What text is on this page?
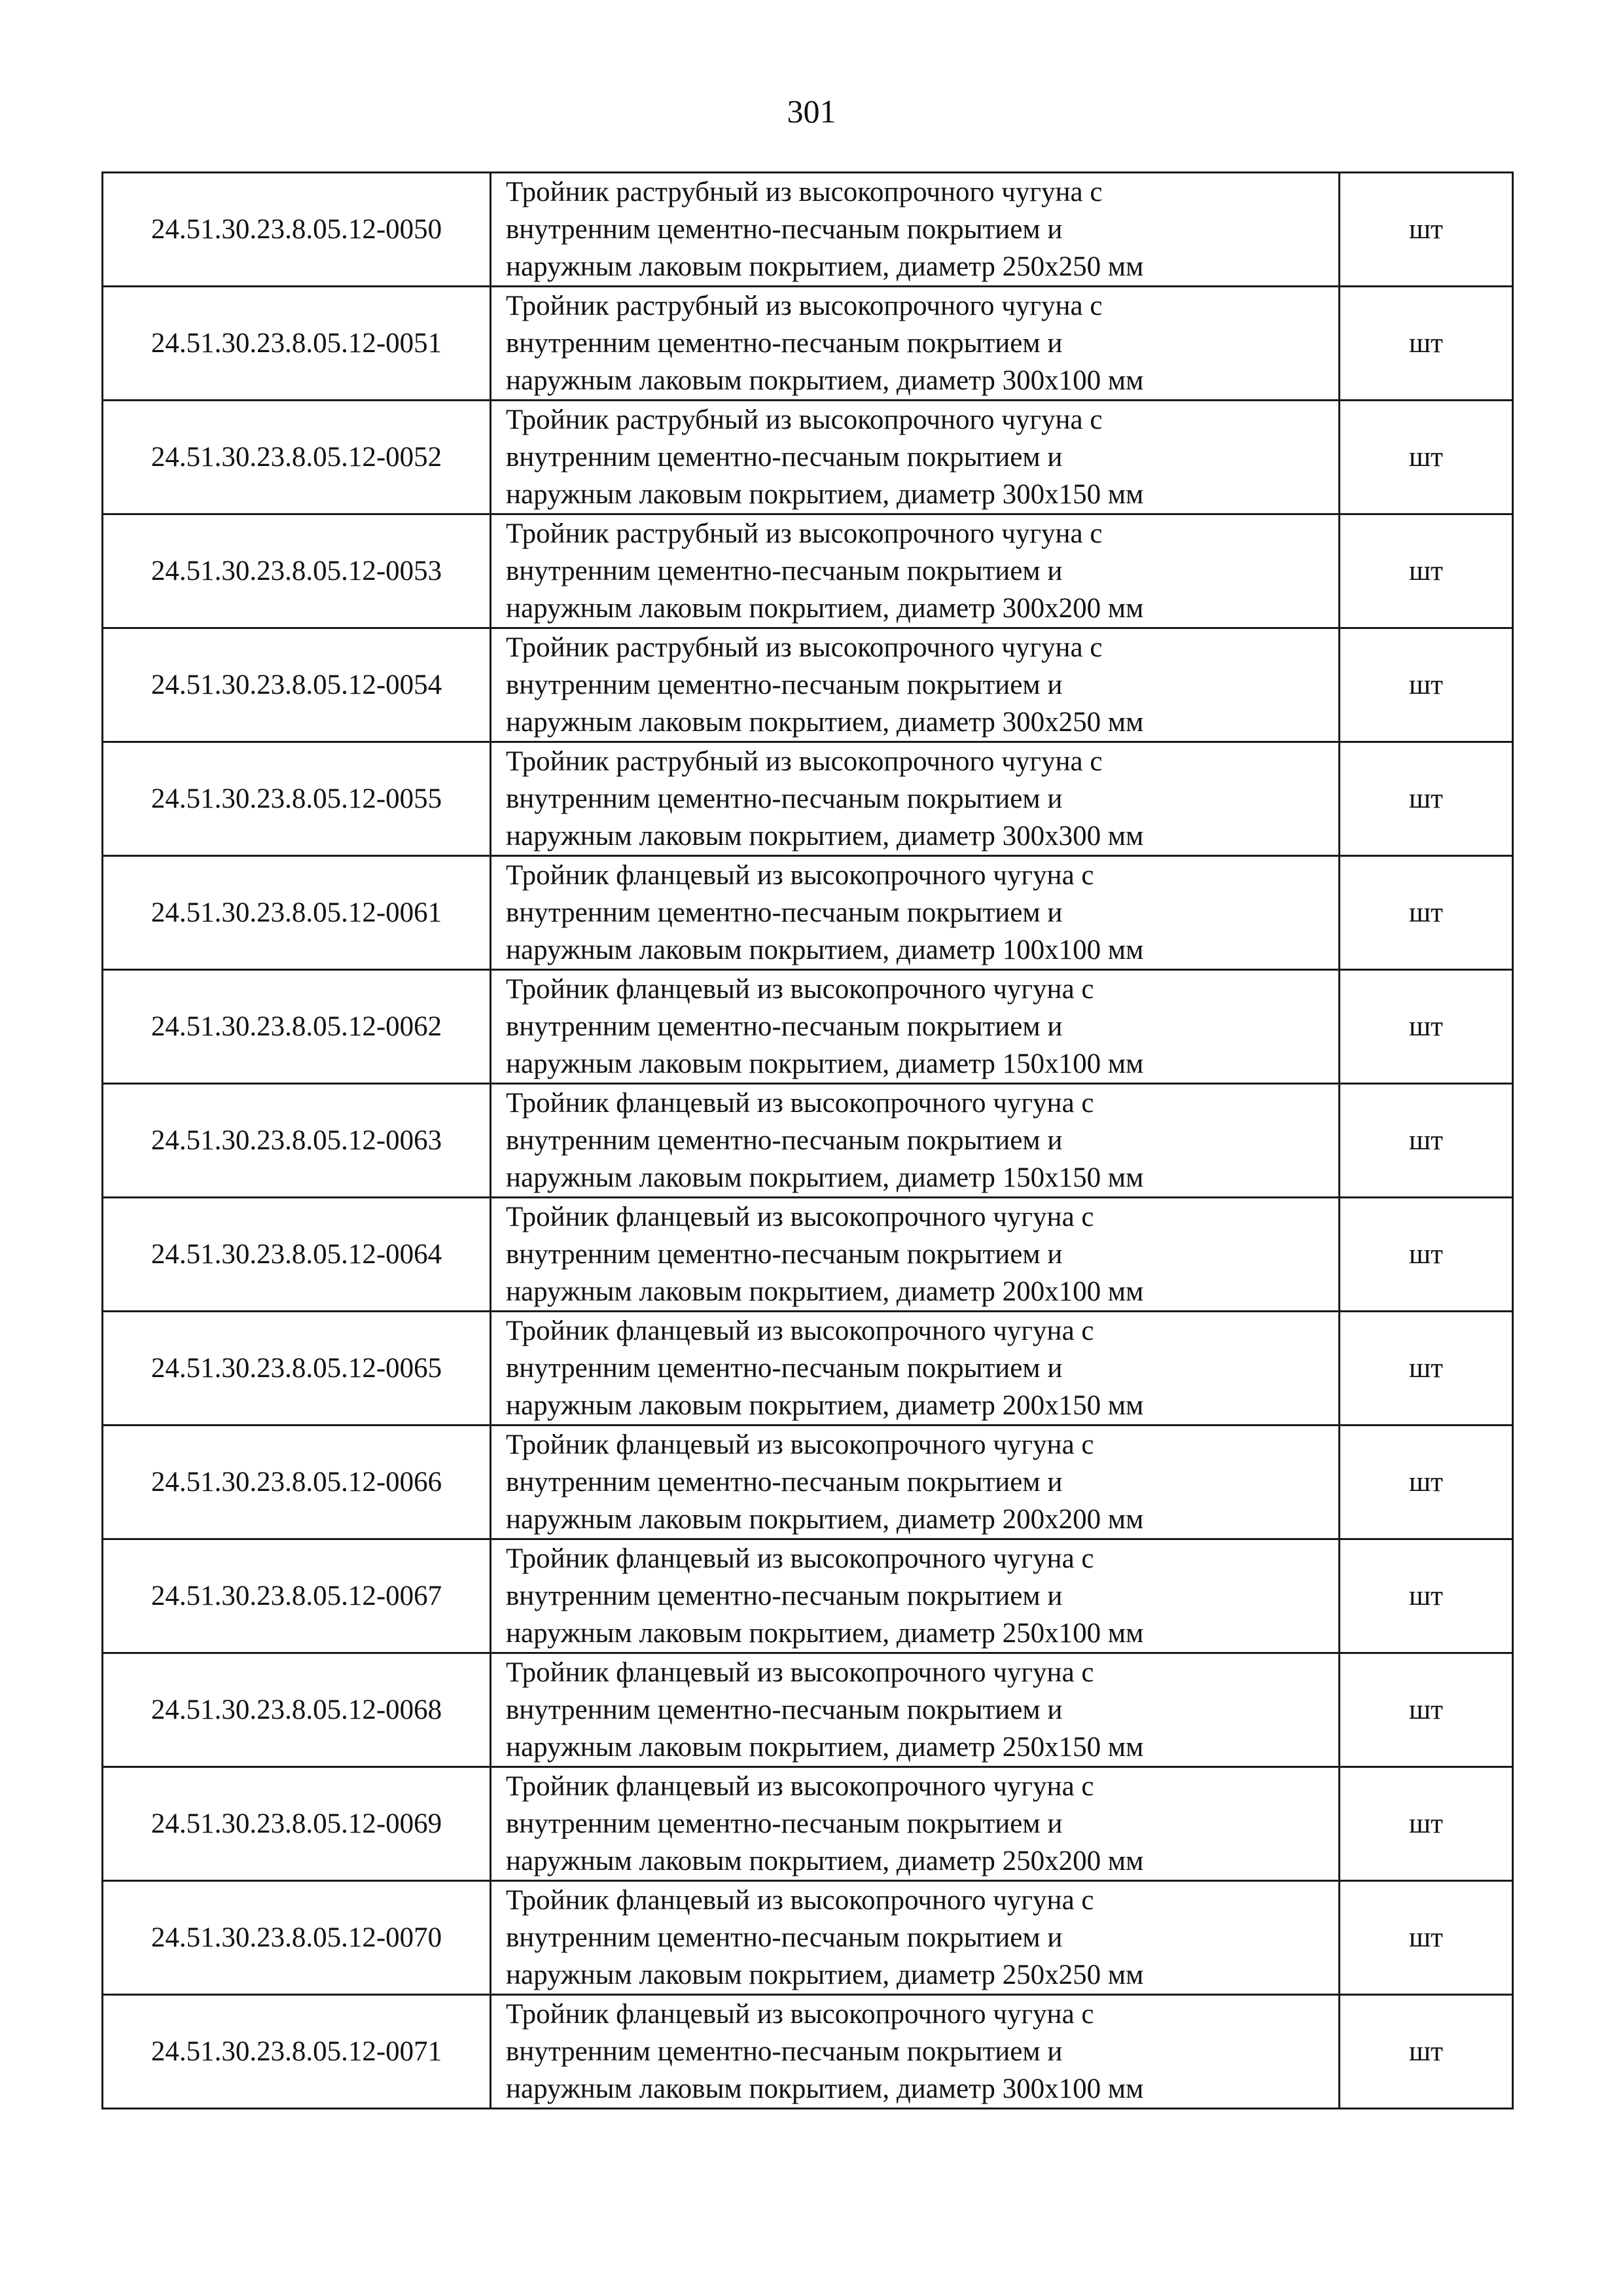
301
24.51.30.23.8.05.12-0050	Тройник раструбный из высокопрочного чугуна с
внутренним цементно-песчаным покрытием и
наружным лаковым покрытием, диаметр 250x250 мм	шт
24.51.30.23.8.05.12-0051	Тройник раструбный из высокопрочного чугуна с
внутренним цементно-песчаным покрытием и
наружным лаковым покрытием, диаметр 300x100 мм	шт
24.51.30.23.8.05.12-0052	Тройник раструбный из высокопрочного чугуна с
внутренним цементно-песчаным покрытием и
наружным лаковым покрытием, диаметр 300x150 мм	шт
24.51.30.23.8.05.12-0053	Тройник раструбный из высокопрочного чугуна с
внутренним цементно-песчаным покрытием и
наружным лаковым покрытием, диаметр 300x200 мм	шт
24.51.30.23.8.05.12-0054	Тройник раструбный из высокопрочного чугуна с
внутренним цементно-песчаным покрытием и
наружным лаковым покрытием, диаметр 300x250 мм	шт
24.51.30.23.8.05.12-0055	Тройник раструбный из высокопрочного чугуна с
внутренним цементно-песчаным покрытием и
наружным лаковым покрытием, диаметр 300x300 мм	шт
24.51.30.23.8.05.12-0061	Тройник фланцевый из высокопрочного чугуна с
внутренним цементно-песчаным покрытием и
наружным лаковым покрытием, диаметр 100x100 мм	шт
24.51.30.23.8.05.12-0062	Тройник фланцевый из высокопрочного чугуна с
внутренним цементно-песчаным покрытием и
наружным лаковым покрытием, диаметр 150x100 мм	шт
24.51.30.23.8.05.12-0063	Тройник фланцевый из высокопрочного чугуна с
внутренним цементно-песчаным покрытием и
наружным лаковым покрытием, диаметр 150x150 мм	шт
24.51.30.23.8.05.12-0064	Тройник фланцевый из высокопрочного чугуна с
внутренним цементно-песчаным покрытием и
наружным лаковым покрытием, диаметр 200x100 мм	шт
24.51.30.23.8.05.12-0065	Тройник фланцевый из высокопрочного чугуна с
внутренним цементно-песчаным покрытием и
наружным лаковым покрытием, диаметр 200x150 мм	шт
24.51.30.23.8.05.12-0066	Тройник фланцевый из высокопрочного чугуна с
внутренним цементно-песчаным покрытием и
наружным лаковым покрытием, диаметр 200x200 мм	шт
24.51.30.23.8.05.12-0067	Тройник фланцевый из высокопрочного чугуна с
внутренним цементно-песчаным покрытием и
наружным лаковым покрытием, диаметр 250x100 мм	шт
24.51.30.23.8.05.12-0068	Тройник фланцевый из высокопрочного чугуна с
внутренним цементно-песчаным покрытием и
наружным лаковым покрытием, диаметр 250x150 мм	шт
24.51.30.23.8.05.12-0069	Тройник фланцевый из высокопрочного чугуна с
внутренним цементно-песчаным покрытием и
наружным лаковым покрытием, диаметр 250x200 мм	шт
24.51.30.23.8.05.12-0070	Тройник фланцевый из высокопрочного чугуна с
внутренним цементно-песчаным покрытием и
наружным лаковым покрытием, диаметр 250x250 мм	шт
24.51.30.23.8.05.12-0071	Тройник фланцевый из высокопрочного чугуна с
внутренним цементно-песчаным покрытием и
наружным лаковым покрытием, диаметр 300x100 мм	шт
